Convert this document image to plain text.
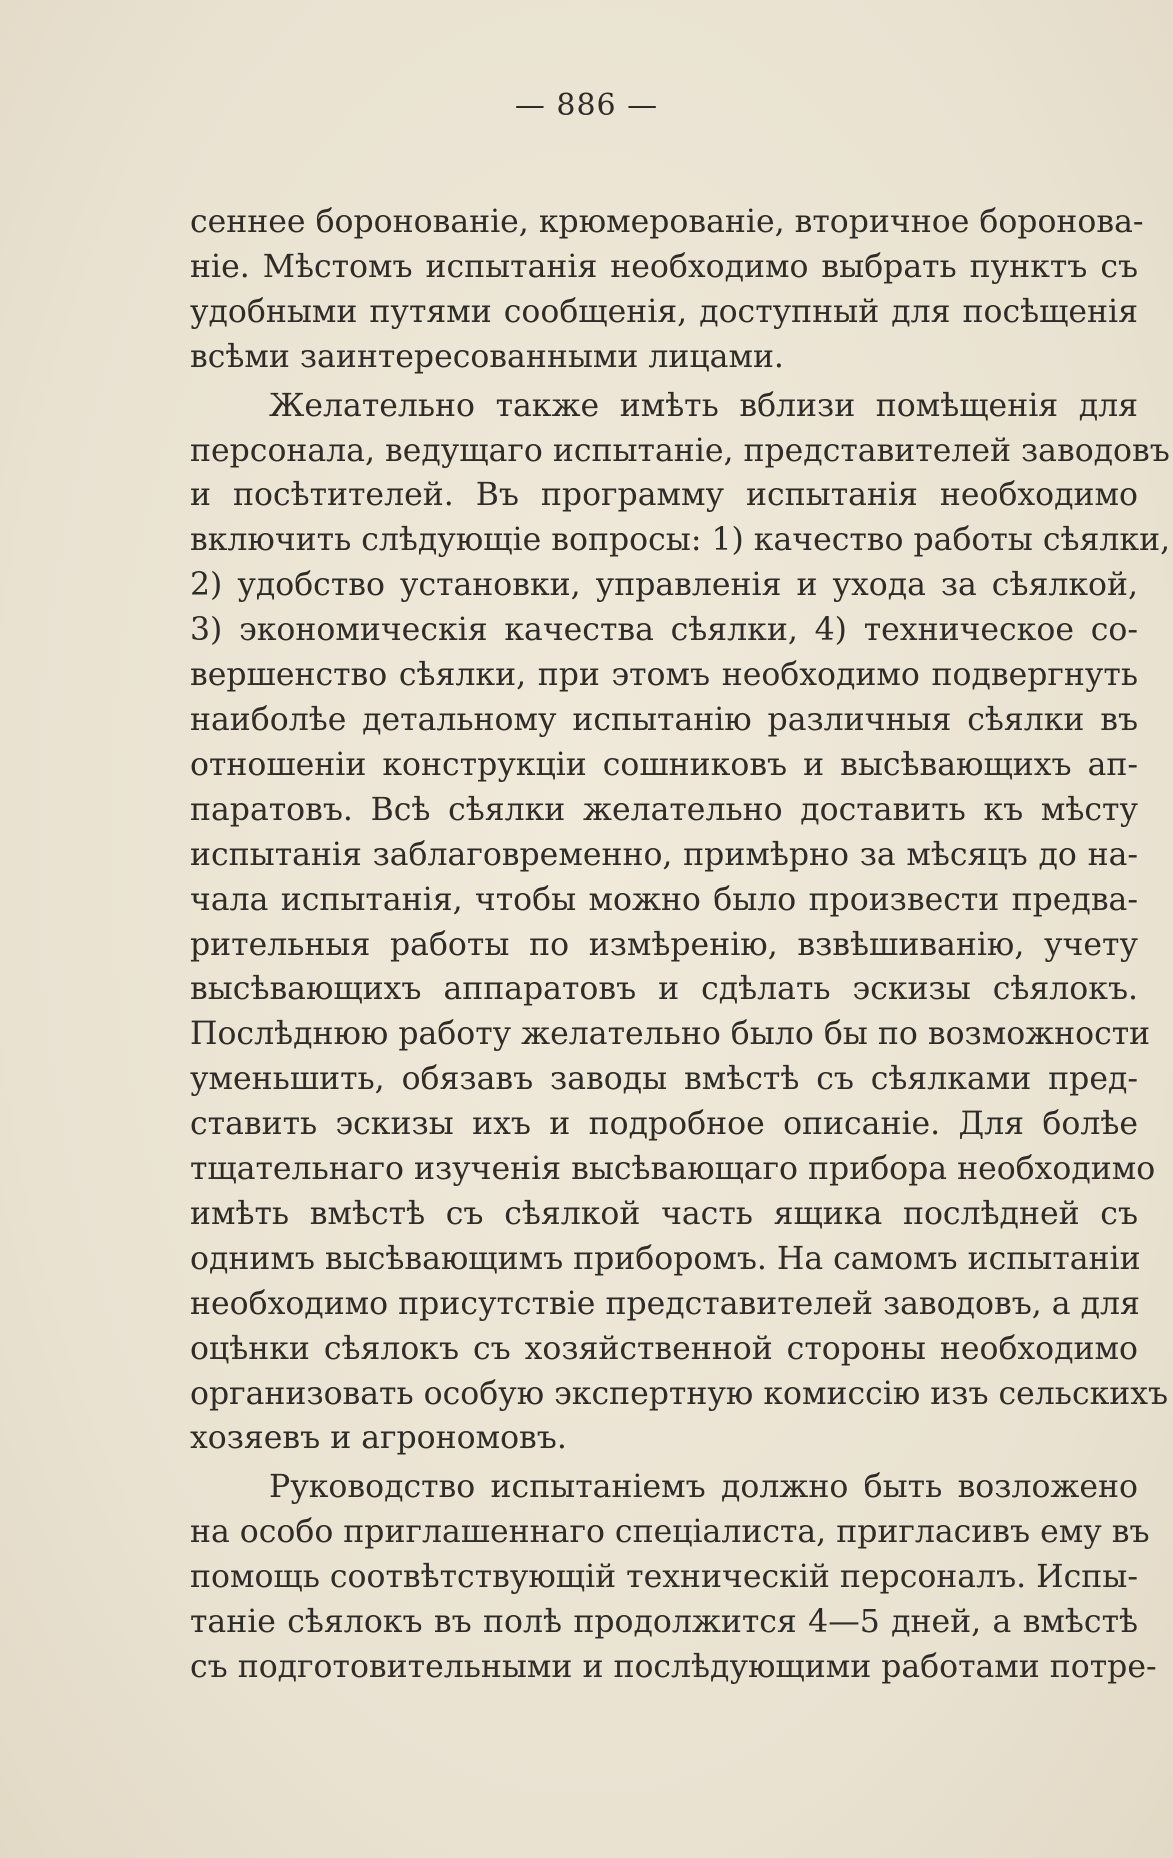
— 886 —
сеннее боронованіе, крюмерованіе, вторичное боронова-
ніе. Мѣстомъ испытанія необходимо выбрать пунктъ съ
удобными путями сообщенія, доступный для посѣщенія
всѣми заинтересованными лицами.
Желательно также имѣть вблизи помѣщенія для
персонала, ведущаго испытаніе, представителей заводовъ
и посѣтителей. Въ программу испытанія необходимо
включить слѣдующіе вопросы: 1) качество работы сѣялки,
2) удобство установки, управленія и ухода за сѣялкой,
3) экономическія качества сѣялки, 4) техническое со-
вершенство сѣялки, при этомъ необходимо подвергнуть
наиболѣе детальному испытанію различныя сѣялки въ
отношеніи конструкціи сошниковъ и высѣвающихъ ап-
паратовъ. Всѣ сѣялки желательно доставить къ мѣсту
испытанія заблаговременно, примѣрно за мѣсяцъ до на-
чала испытанія, чтобы можно было произвести предва-
рительныя работы по измѣренію, взвѣшиванію, учету
высѣвающихъ аппаратовъ и сдѣлать эскизы сѣялокъ.
Послѣднюю работу желательно было бы по возможности
уменьшить, обязавъ заводы вмѣстѣ съ сѣялками пред-
ставить эскизы ихъ и подробное описаніе. Для болѣе
тщательнаго изученія высѣвающаго прибора необходимо
имѣть вмѣстѣ съ сѣялкой часть ящика послѣдней съ
однимъ высѣвающимъ приборомъ. На самомъ испытаніи
необходимо присутствіе представителей заводовъ, а для
оцѣнки сѣялокъ съ хозяйственной стороны необходимо
организовать особую экспертную комиссію изъ сельскихъ
хозяевъ и агрономовъ.
Руководство испытаніемъ должно быть возложено
на особо приглашеннаго спеціалиста, пригласивъ ему въ
помощь соотвѣтствующій техническій персоналъ. Испы-
таніе сѣялокъ въ полѣ продолжится 4—5 дней, а вмѣстѣ
съ подготовительными и послѣдующими работами потре-
